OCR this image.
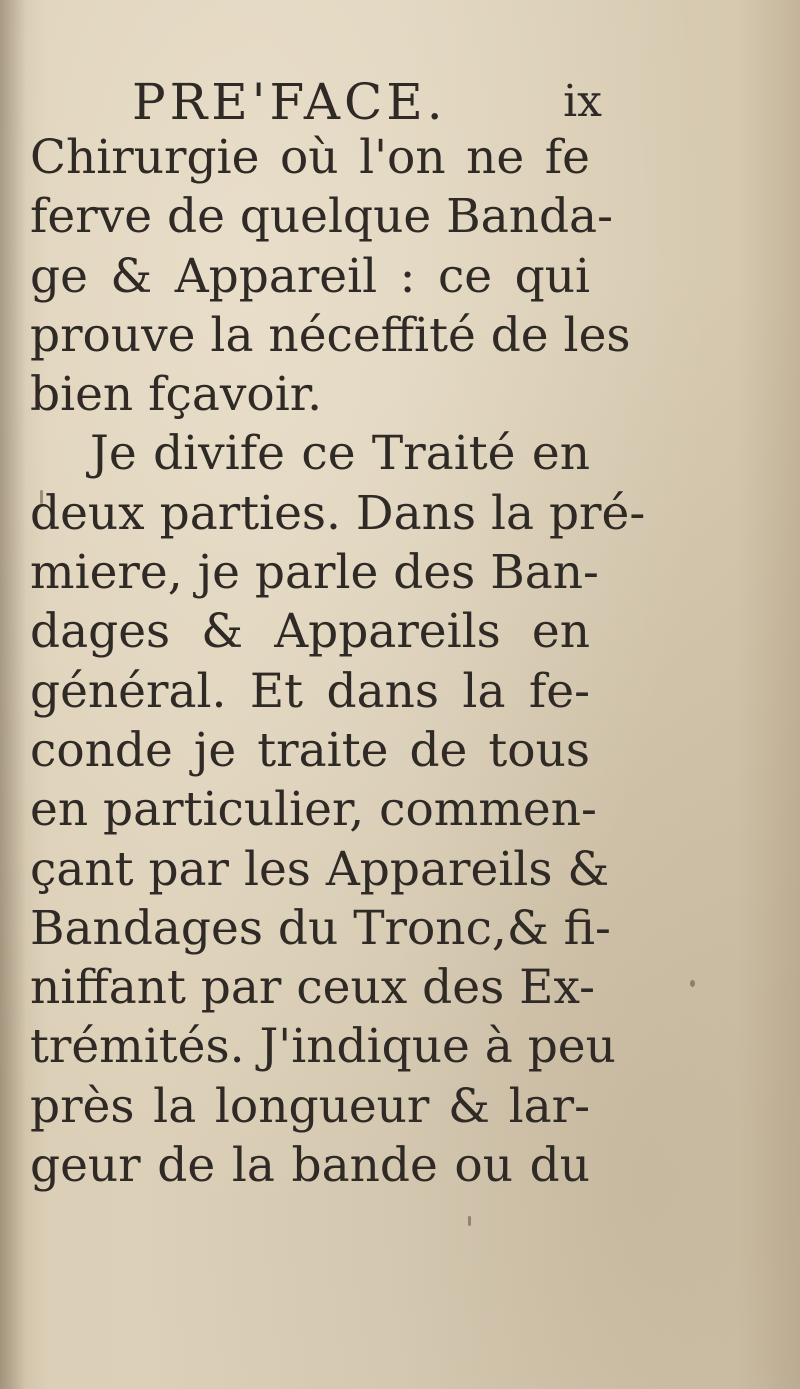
PRE'FACE.	ix
Chirurgie où l'on ne fe
ferve de quelque Banda-
ge & Appareil : ce qui
prouve la néceffité de les
bien fçavoir.
Je divife ce Traité en
deux parties. Dans la pré-
miere, je parle des Ban-
dages & Appareils en
général. Et dans la fe-
conde je traite de tous
en particulier, commen-
çant par les Appareils &
Bandages du Tronc,& fi-
niffant par ceux des Ex-
trémités. J'indique à peu
près la longueur & lar-
geur de la bande ou du
